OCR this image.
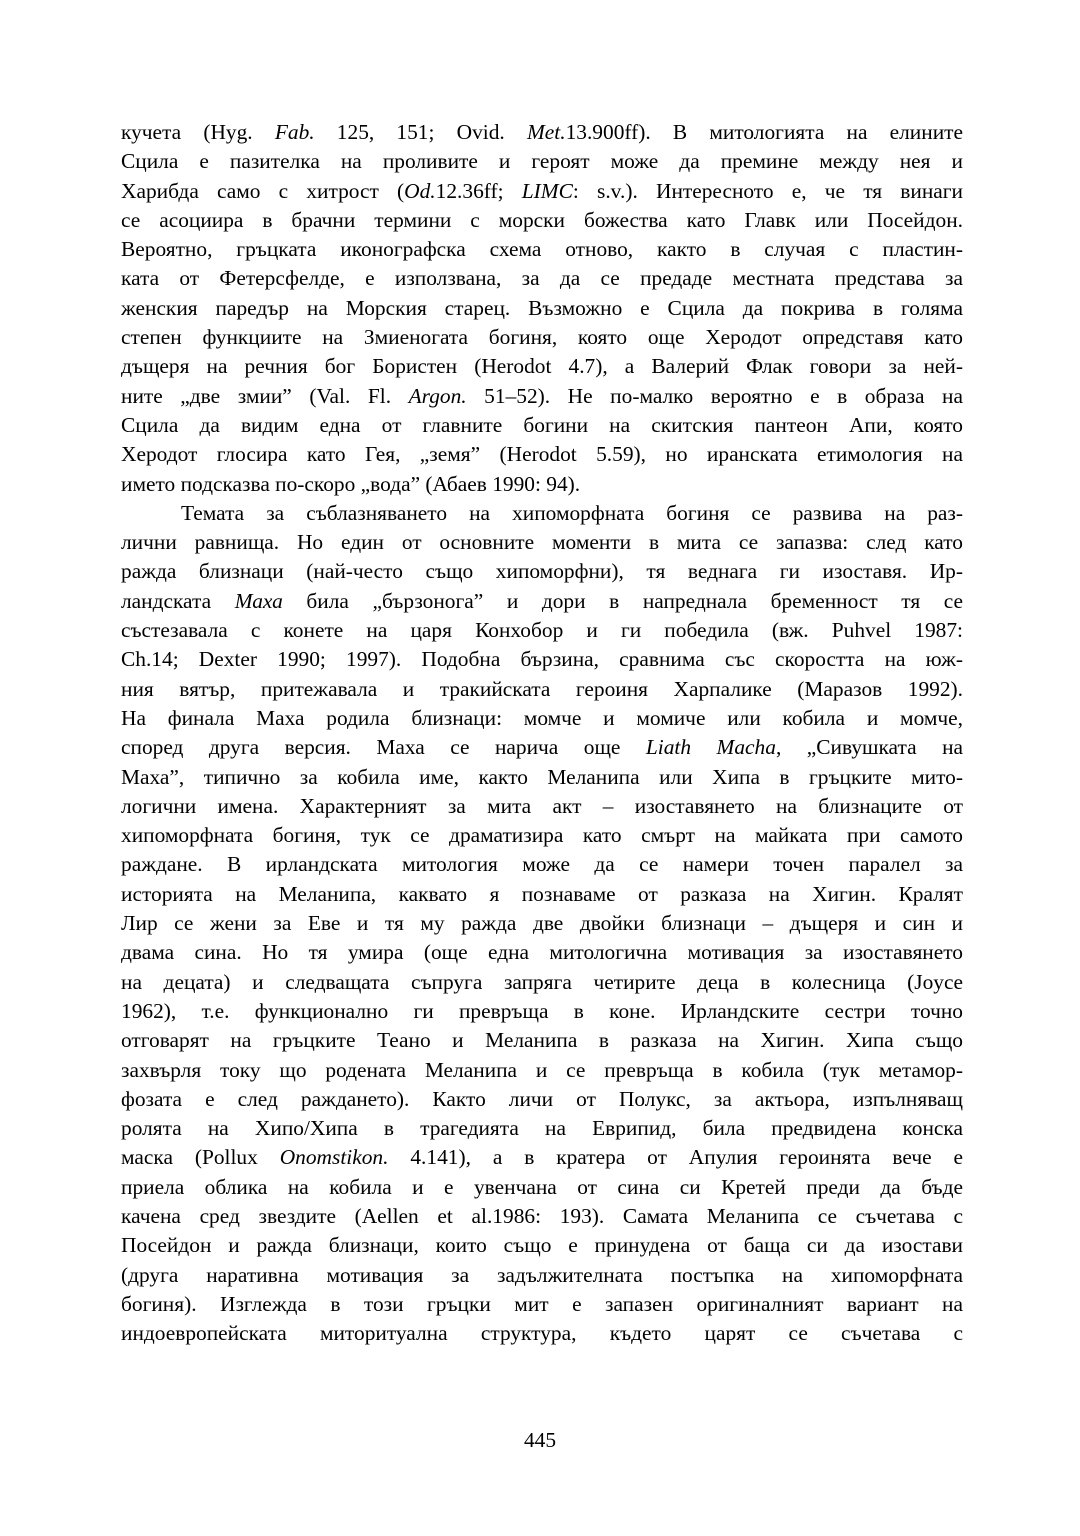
кучета (Hyg. Fab. 125, 151; Ovid. Met.13.900ff). В митологията на елините
Сцила е пазителка на проливите и героят може да премине между нея и
Харибда само с хитрост (Od.12.36ff; LIMC: s.v.). Интересното е, че тя винаги
се асоциира в брачни термини с морски божества като Главк или Посейдон.
Вероятно, гръцката иконографска схема отново, както в случая с пластин-
ката от Фетерсфелде, е използвана, за да се предаде местната представа за
женския паредър на Морския старец. Възможно е Сцила да покрива в голяма
степен функциите на Змиеногата богиня, която още Херодот опредставя като
дъщеря на речния бог Бористен (Herodot 4.7), а Валерий Флак говори за ней-
ните „две змии” (Val. Fl. Argon. 51–52). Не по-малко вероятно е в образа на
Сцила да видим една от главните богини на скитския пантеон Апи, която
Херодот глосира като Гея, „земя” (Herodot 5.59), но иранската етимология на
името подсказва по-скоро „вода” (Абаев 1990: 94).
Темата за съблазняването на хипоморфната богиня се развива на раз-
лични равнища. Но един от основните моменти в мита се запазва: след като
ражда близнаци (най-често също хипоморфни), тя веднага ги изоставя. Ир-
ландската Маха била „бързонога” и дори в напреднала бременност тя се
състезавала с конете на царя Конхобор и ги победила (вж. Puhvel 1987:
Ch.14; Dexter 1990; 1997). Подобна бързина, сравнима със скоростта на юж-
ния вятър, притежавала и тракийската героиня Харпалике (Маразов 1992).
На финала Маха родила близнаци: момче и момиче или кобила и момче,
според друга версия. Маха се нарича още Liath Macha, „Сивушката на
Маха”, типично за кобила име, както Меланипа или Хипа в гръцките мито-
логични имена. Характерният за мита акт – изоставянето на близнаците от
хипоморфната богиня, тук се драматизира като смърт на майката при самото
раждане. В ирландската митология може да се намери точен паралел за
историята на Меланипа, каквато я познаваме от разказа на Хигин. Кралят
Лир се жени за Еве и тя му ражда две двойки близнаци – дъщеря и син и
двама сина. Но тя умира (още една митологична мотивация за изоставянето
на децата) и следващата съпруга запряга четирите деца в колесница (Joyce
1962), т.е. функционално ги превръща в коне. Ирландските сестри точно
отговарят на гръцките Теано и Меланипа в разказа на Хигин. Хипа също
захвърля току що родената Меланипа и се превръща в кобила (тук метамор-
фозата е след раждането). Както личи от Полукс, за актьора, изпълняващ
ролята на Хипо/Хипа в трагедията на Еврипид, била предвидена конска
маска (Pollux Onomstikon. 4.141), а в кратера от Апулия героинята вече е
приела облика на кобила и е увенчана от сина си Кретей преди да бъде
качена сред звездите (Aellen et al.1986: 193). Самата Меланипа се съчетава с
Посейдон и ражда близнаци, които също е принудена от баща си да изостави
(друга наративна мотивация за задължителната постъпка на хипоморфната
богиня). Изглежда в този гръцки мит е запазен оригиналният вариант на
индоевропейската миторитуална структура, където царят се съчетава с
445
